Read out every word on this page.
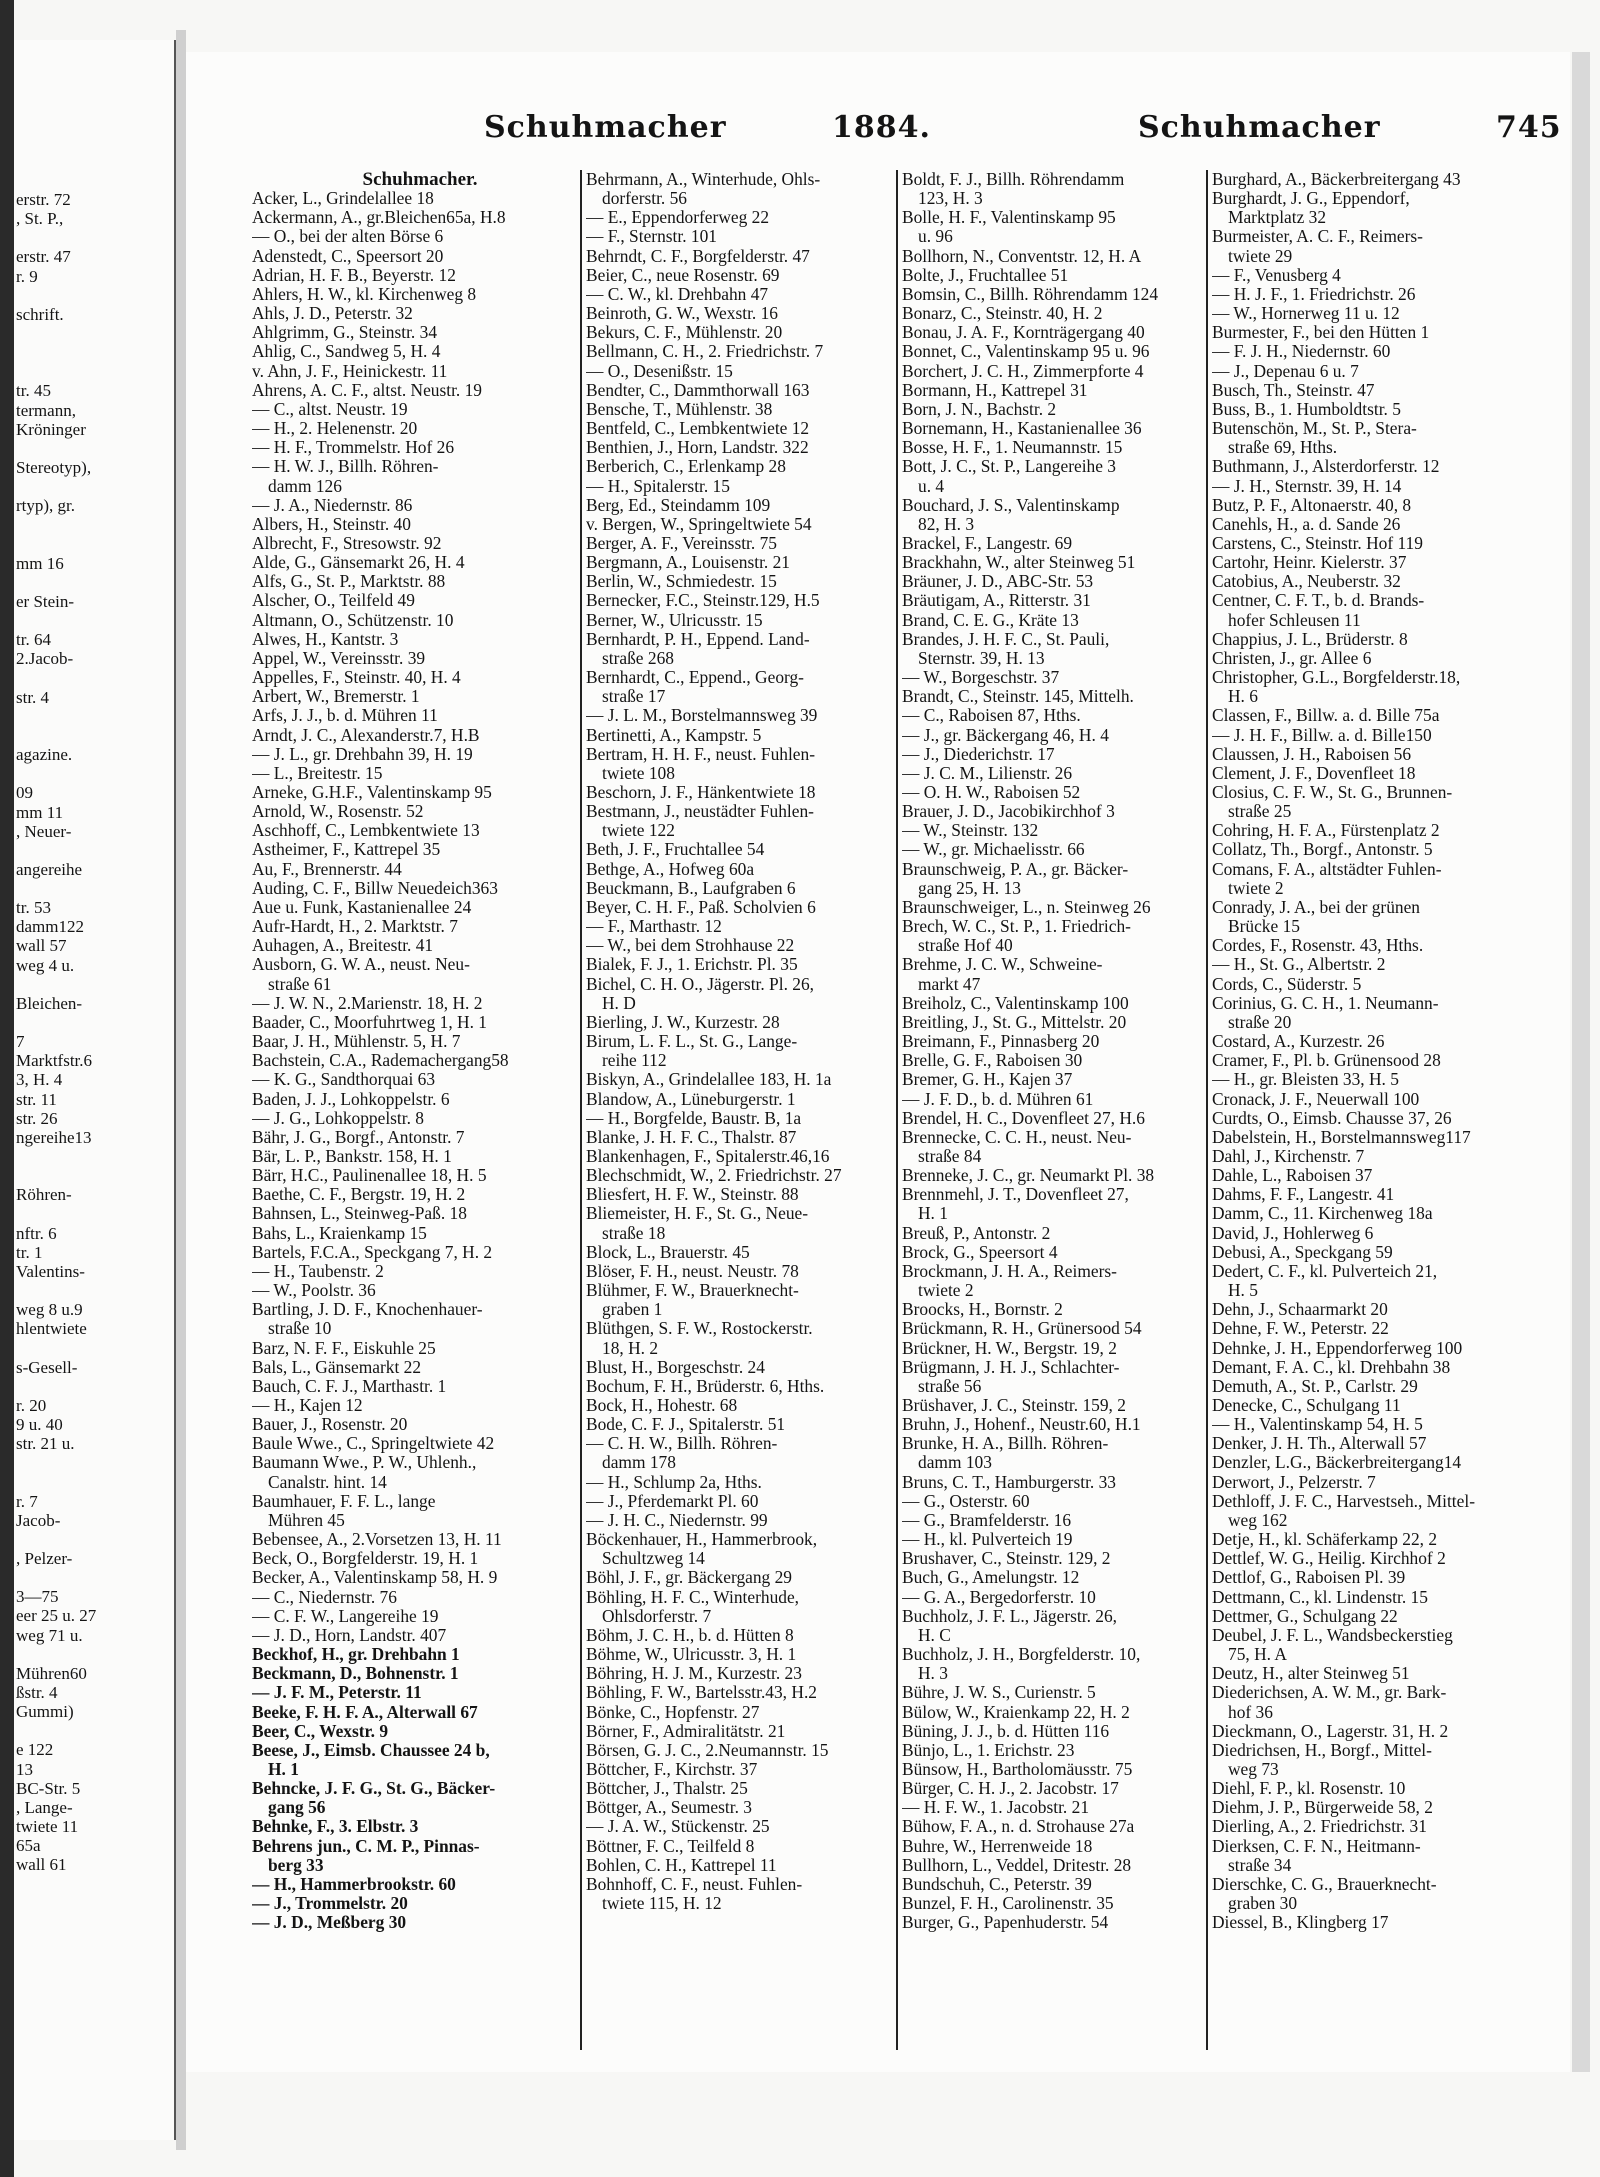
erstr. 72
, St. P.,
erstr. 47
r. 9
schrift.
tr. 45
termann,
Kröninger
Stereotyp),
rtyp), gr.
mm 16
er Stein-
tr. 64
2.Jacob-
str. 4
agazine.
09
mm 11
, Neuer-
angereihe
tr. 53
damm122
wall 57
weg 4 u.
Bleichen-
7
Marktfstr.6
3, H. 4
str. 11
str. 26
ngereihe13
Röhren-
nftr. 6
tr. 1
Valentins-
weg 8 u.9
hlentwiete
s-Gesell-
r. 20
9 u. 40
str. 21 u.
r. 7
Jacob-
, Pelzer-
3—75
eer 25 u. 27
weg 71 u.
Mühren60
ßstr. 4
Gummi)
e 122
13
BC-Str. 5
, Lange-
twiete 11
65a
wall 61
Schuhmacher	1884.	Schuhmacher	745
Schuhmacher.
Acker, L., Grindelallee 18
Ackermann, A., gr.Bleichen65a, H.8
— O., bei der alten Börse 6
Adenstedt, C., Speersort 20
Adrian, H. F. B., Beyerstr. 12
Ahlers, H. W., kl. Kirchenweg 8
Ahls, J. D., Peterstr. 32
Ahlgrimm, G., Steinstr. 34
Ahlig, C., Sandweg 5, H. 4
v. Ahn, J. F., Heinickestr. 11
Ahrens, A. C. F., altst. Neustr. 19
— C., altst. Neustr. 19
— H., 2. Helenenstr. 20
— H. F., Trommelstr. Hof 26
— H. W. J., Billh. Röhren-
damm 126
— J. A., Niedernstr. 86
Albers, H., Steinstr. 40
Albrecht, F., Stresowstr. 92
Alde, G., Gänsemarkt 26, H. 4
Alfs, G., St. P., Marktstr. 88
Alscher, O., Teilfeld 49
Altmann, O., Schützenstr. 10
Alwes, H., Kantstr. 3
Appel, W., Vereinsstr. 39
Appelles, F., Steinstr. 40, H. 4
Arbert, W., Bremerstr. 1
Arfs, J. J., b. d. Mühren 11
Arndt, J. C., Alexanderstr.7, H.B
— J. L., gr. Drehbahn 39, H. 19
— L., Breitestr. 15
Arneke, G.H.F., Valentinskamp 95
Arnold, W., Rosenstr. 52
Aschhoff, C., Lembkentwiete 13
Astheimer, F., Kattrepel 35
Au, F., Brennerstr. 44
Auding, C. F., Billw Neuedeich363
Aue u. Funk, Kastanienallee 24
Aufr-Hardt, H., 2. Marktstr. 7
Auhagen, A., Breitestr. 41
Ausborn, G. W. A., neust. Neu-
straße 61
— J. W. N., 2.Marienstr. 18, H. 2
Baader, C., Moorfuhrtweg 1, H. 1
Baar, J. H., Mühlenstr. 5, H. 7
Bachstein, C.A., Rademachergang58
— K. G., Sandthorquai 63
Baden, J. J., Lohkoppelstr. 6
— J. G., Lohkoppelstr. 8
Bähr, J. G., Borgf., Antonstr. 7
Bär, L. P., Bankstr. 158, H. 1
Bärr, H.C., Paulinenallee 18, H. 5
Baethe, C. F., Bergstr. 19, H. 2
Bahnsen, L., Steinweg-Paß. 18
Bahs, L., Kraienkamp 15
Bartels, F.C.A., Speckgang 7, H. 2
— H., Taubenstr. 2
— W., Poolstr. 36
Bartling, J. D. F., Knochenhauer-
straße 10
Barz, N. F. F., Eiskuhle 25
Bals, L., Gänsemarkt 22
Bauch, C. F. J., Marthastr. 1
— H., Kajen 12
Bauer, J., Rosenstr. 20
Baule Wwe., C., Springeltwiete 42
Baumann Wwe., P. W., Uhlenh.,
Canalstr. hint. 14
Baumhauer, F. F. L., lange
Mühren 45
Bebensee, A., 2.Vorsetzen 13, H. 11
Beck, O., Borgfelderstr. 19, H. 1
Becker, A., Valentinskamp 58, H. 9
— C., Niedernstr. 76
— C. F. W., Langereihe 19
— J. D., Horn, Landstr. 407
Beckhof, H., gr. Drehbahn 1
Beckmann, D., Bohnenstr. 1
— J. F. M., Peterstr. 11
Beeke, F. H. F. A., Alterwall 67
Beer, C., Wexstr. 9
Beese, J., Eimsb. Chaussee 24 b,
H. 1
Behncke, J. F. G., St. G., Bäcker-
gang 56
Behnke, F., 3. Elbstr. 3
Behrens jun., C. M. P., Pinnas-
berg 33
— H., Hammerbrookstr. 60
— J., Trommelstr. 20
— J. D., Meßberg 30
Behrmann, A., Winterhude, Ohls-
dorferstr. 56
— E., Eppendorferweg 22
— F., Sternstr. 101
Behrndt, C. F., Borgfelderstr. 47
Beier, C., neue Rosenstr. 69
— C. W., kl. Drehbahn 47
Beinroth, G. W., Wexstr. 16
Bekurs, C. F., Mühlenstr. 20
Bellmann, C. H., 2. Friedrichstr. 7
— O., Desenißstr. 15
Bendter, C., Dammthorwall 163
Bensche, T., Mühlenstr. 38
Bentfeld, C., Lembkentwiete 12
Benthien, J., Horn, Landstr. 322
Berberich, C., Erlenkamp 28
— H., Spitalerstr. 15
Berg, Ed., Steindamm 109
v. Bergen, W., Springeltwiete 54
Berger, A. F., Vereinsstr. 75
Bergmann, A., Louisenstr. 21
Berlin, W., Schmiedestr. 15
Bernecker, F.C., Steinstr.129, H.5
Berner, W., Ulricusstr. 15
Bernhardt, P. H., Eppend. Land-
straße 268
Bernhardt, C., Eppend., Georg-
straße 17
— J. L. M., Borstelmannsweg 39
Bertinetti, A., Kampstr. 5
Bertram, H. H. F., neust. Fuhlen-
twiete 108
Beschorn, J. F., Hänkentwiete 18
Bestmann, J., neustädter Fuhlen-
twiete 122
Beth, J. F., Fruchtallee 54
Bethge, A., Hofweg 60a
Beuckmann, B., Laufgraben 6
Beyer, C. H. F., Paß. Scholvien 6
— F., Marthastr. 12
— W., bei dem Strohhause 22
Bialek, F. J., 1. Erichstr. Pl. 35
Bichel, C. H. O., Jägerstr. Pl. 26,
H. D
Bierling, J. W., Kurzestr. 28
Birum, L. F. L., St. G., Lange-
reihe 112
Biskyn, A., Grindelallee 183, H. 1a
Blandow, A., Lüneburgerstr. 1
— H., Borgfelde, Baustr. B, 1a
Blanke, J. H. F. C., Thalstr. 87
Blankenhagen, F., Spitalerstr.46,16
Blechschmidt, W., 2. Friedrichstr. 27
Bliesfert, H. F. W., Steinstr. 88
Bliemeister, H. F., St. G., Neue-
straße 18
Block, L., Brauerstr. 45
Blöser, F. H., neust. Neustr. 78
Blühmer, F. W., Brauerknecht-
graben 1
Blüthgen, S. F. W., Rostockerstr.
18, H. 2
Blust, H., Borgeschstr. 24
Bochum, F. H., Brüderstr. 6, Hths.
Bock, H., Hohestr. 68
Bode, C. F. J., Spitalerstr. 51
— C. H. W., Billh. Röhren-
damm 178
— H., Schlump 2a, Hths.
— J., Pferdemarkt Pl. 60
— J. H. C., Niedernstr. 99
Böckenhauer, H., Hammerbrook,
Schultzweg 14
Böhl, J. F., gr. Bäckergang 29
Böhling, H. F. C., Winterhude,
Ohlsdorferstr. 7
Böhm, J. C. H., b. d. Hütten 8
Böhme, W., Ulricusstr. 3, H. 1
Böhring, H. J. M., Kurzestr. 23
Böhling, F. W., Bartelsstr.43, H.2
Bönke, C., Hopfenstr. 27
Börner, F., Admiralitätstr. 21
Börsen, G. J. C., 2.Neumannstr. 15
Böttcher, F., Kirchstr. 37
Böttcher, J., Thalstr. 25
Böttger, A., Seumestr. 3
— J. A. W., Stückenstr. 25
Böttner, F. C., Teilfeld 8
Bohlen, C. H., Kattrepel 11
Bohnhoff, C. F., neust. Fuhlen-
twiete 115, H. 12
Boldt, F. J., Billh. Röhrendamm
123, H. 3
Bolle, H. F., Valentinskamp 95
u. 96
Bollhorn, N., Conventstr. 12, H. A
Bolte, J., Fruchtallee 51
Bomsin, C., Billh. Röhrendamm 124
Bonarz, C., Steinstr. 40, H. 2
Bonau, J. A. F., Kornträgergang 40
Bonnet, C., Valentinskamp 95 u. 96
Borchert, J. C. H., Zimmerpforte 4
Bormann, H., Kattrepel 31
Born, J. N., Bachstr. 2
Bornemann, H., Kastanienallee 36
Bosse, H. F., 1. Neumannstr. 15
Bott, J. C., St. P., Langereihe 3
u. 4
Bouchard, J. S., Valentinskamp
82, H. 3
Brackel, F., Langestr. 69
Brackhahn, W., alter Steinweg 51
Bräuner, J. D., ABC-Str. 53
Bräutigam, A., Ritterstr. 31
Brand, C. E. G., Kräte 13
Brandes, J. H. F. C., St. Pauli,
Sternstr. 39, H. 13
— W., Borgeschstr. 37
Brandt, C., Steinstr. 145, Mittelh.
— C., Raboisen 87, Hths.
— J., gr. Bäckergang 46, H. 4
— J., Diederichstr. 17
— J. C. M., Lilienstr. 26
— O. H. W., Raboisen 52
Brauer, J. D., Jacobikirchhof 3
— W., Steinstr. 132
— W., gr. Michaelisstr. 66
Braunschweig, P. A., gr. Bäcker-
gang 25, H. 13
Braunschweiger, L., n. Steinweg 26
Brech, W. C., St. P., 1. Friedrich-
straße Hof 40
Brehme, J. C. W., Schweine-
markt 47
Breiholz, C., Valentinskamp 100
Breitling, J., St. G., Mittelstr. 20
Breimann, F., Pinnasberg 20
Brelle, G. F., Raboisen 30
Bremer, G. H., Kajen 37
— J. F. D., b. d. Mühren 61
Brendel, H. C., Dovenfleet 27, H.6
Brennecke, C. C. H., neust. Neu-
straße 84
Brenneke, J. C., gr. Neumarkt Pl. 38
Brennmehl, J. T., Dovenfleet 27,
H. 1
Breuß, P., Antonstr. 2
Brock, G., Speersort 4
Brockmann, J. H. A., Reimers-
twiete 2
Broocks, H., Bornstr. 2
Brückmann, R. H., Grünersood 54
Brückner, H. W., Bergstr. 19, 2
Brügmann, J. H. J., Schlachter-
straße 56
Brüshaver, J. C., Steinstr. 159, 2
Bruhn, J., Hohenf., Neustr.60, H.1
Brunke, H. A., Billh. Röhren-
damm 103
Bruns, C. T., Hamburgerstr. 33
— G., Osterstr. 60
— G., Bramfelderstr. 16
— H., kl. Pulverteich 19
Brushaver, C., Steinstr. 129, 2
Buch, G., Amelungstr. 12
— G. A., Bergedorferstr. 10
Buchholz, J. F. L., Jägerstr. 26,
H. C
Buchholz, J. H., Borgfelderstr. 10,
H. 3
Bühre, J. W. S., Curienstr. 5
Bülow, W., Kraienkamp 22, H. 2
Büning, J. J., b. d. Hütten 116
Bünjo, L., 1. Erichstr. 23
Bünsow, H., Bartholomäusstr. 75
Bürger, C. H. J., 2. Jacobstr. 17
— H. F. W., 1. Jacobstr. 21
Bühow, F. A., n. d. Strohause 27a
Buhre, W., Herrenweide 18
Bullhorn, L., Veddel, Dritestr. 28
Bundschuh, C., Peterstr. 39
Bunzel, F. H., Carolinenstr. 35
Burger, G., Papenhuderstr. 54
Burghard, A., Bäckerbreitergang 43
Burghardt, J. G., Eppendorf,
Marktplatz 32
Burmeister, A. C. F., Reimers-
twiete 29
— F., Venusberg 4
— H. J. F., 1. Friedrichstr. 26
— W., Hornerweg 11 u. 12
Burmester, F., bei den Hütten 1
— F. J. H., Niedernstr. 60
— J., Depenau 6 u. 7
Busch, Th., Steinstr. 47
Buss, B., 1. Humboldtstr. 5
Butenschön, M., St. P., Stera-
straße 69, Hths.
Buthmann, J., Alsterdorferstr. 12
— J. H., Sternstr. 39, H. 14
Butz, P. F., Altonaerstr. 40, 8
Canehls, H., a. d. Sande 26
Carstens, C., Steinstr. Hof 119
Cartohr, Heinr. Kielerstr. 37
Catobius, A., Neuberstr. 32
Centner, C. F. T., b. d. Brands-
hofer Schleusen 11
Chappius, J. L., Brüderstr. 8
Christen, J., gr. Allee 6
Christopher, G.L., Borgfelderstr.18,
H. 6
Classen, F., Billw. a. d. Bille 75a
— J. H. F., Billw. a. d. Bille150
Claussen, J. H., Raboisen 56
Clement, J. F., Dovenfleet 18
Closius, C. F. W., St. G., Brunnen-
straße 25
Cohring, H. F. A., Fürstenplatz 2
Collatz, Th., Borgf., Antonstr. 5
Comans, F. A., altstädter Fuhlen-
twiete 2
Conrady, J. A., bei der grünen
Brücke 15
Cordes, F., Rosenstr. 43, Hths.
— H., St. G., Albertstr. 2
Cords, C., Süderstr. 5
Corinius, G. C. H., 1. Neumann-
straße 20
Costard, A., Kurzestr. 26
Cramer, F., Pl. b. Grünensood 28
— H., gr. Bleisten 33, H. 5
Cronack, J. F., Neuerwall 100
Curdts, O., Eimsb. Chausse 37, 26
Dabelstein, H., Borstelmannsweg117
Dahl, J., Kirchenstr. 7
Dahle, L., Raboisen 37
Dahms, F. F., Langestr. 41
Damm, C., 11. Kirchenweg 18a
David, J., Hohlerweg 6
Debusi, A., Speckgang 59
Dedert, C. F., kl. Pulverteich 21,
H. 5
Dehn, J., Schaarmarkt 20
Dehne, F. W., Peterstr. 22
Dehnke, J. H., Eppendorferweg 100
Demant, F. A. C., kl. Drehbahn 38
Demuth, A., St. P., Carlstr. 29
Denecke, C., Schulgang 11
— H., Valentinskamp 54, H. 5
Denker, J. H. Th., Alterwall 57
Denzler, L.G., Bäckerbreitergang14
Derwort, J., Pelzerstr. 7
Dethloff, J. F. C., Harvestseh., Mittel-
weg 162
Detje, H., kl. Schäferkamp 22, 2
Dettlef, W. G., Heilig. Kirchhof 2
Dettlof, G., Raboisen Pl. 39
Dettmann, C., kl. Lindenstr. 15
Dettmer, G., Schulgang 22
Deubel, J. F. L., Wandsbeckerstieg
75, H. A
Deutz, H., alter Steinweg 51
Diederichsen, A. W. M., gr. Bark-
hof 36
Dieckmann, O., Lagerstr. 31, H. 2
Diedrichsen, H., Borgf., Mittel-
weg 73
Diehl, F. P., kl. Rosenstr. 10
Diehm, J. P., Bürgerweide 58, 2
Dierling, A., 2. Friedrichstr. 31
Dierksen, C. F. N., Heitmann-
straße 34
Dierschke, C. G., Brauerknecht-
graben 30
Diessel, B., Klingberg 17
